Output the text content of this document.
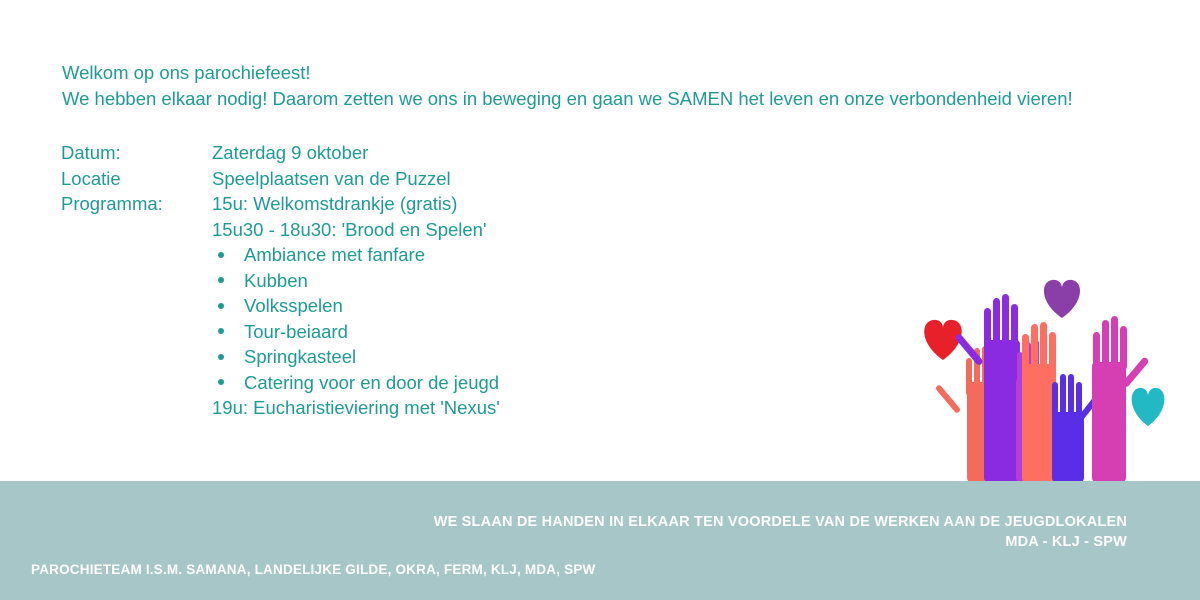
Welkom op ons parochiefeest!
We hebben elkaar nodig! Daarom zetten we ons in beweging en gaan we SAMEN het leven en onze verbondenheid vieren!
Datum:	Zaterdag 9 oktober
Locatie	Speelplaatsen van de Puzzel
Programma:	15u: Welkomstdrankje (gratis)
15u30 - 18u30: 'Brood en Spelen'
Ambiance met fanfare
Kubben
Volksspelen
Tour-beiaard
Springkasteel
Catering voor en door de jeugd
19u: Eucharistieviering met 'Nexus'
WE SLAAN DE HANDEN IN ELKAAR TEN VOORDELE VAN DE WERKEN AAN DE JEUGDLOKALEN
MDA - KLJ - SPW
PAROCHIETEAM I.S.M. SAMANA, LANDELIJKE GILDE, OKRA, FERM, KLJ, MDA, SPW
